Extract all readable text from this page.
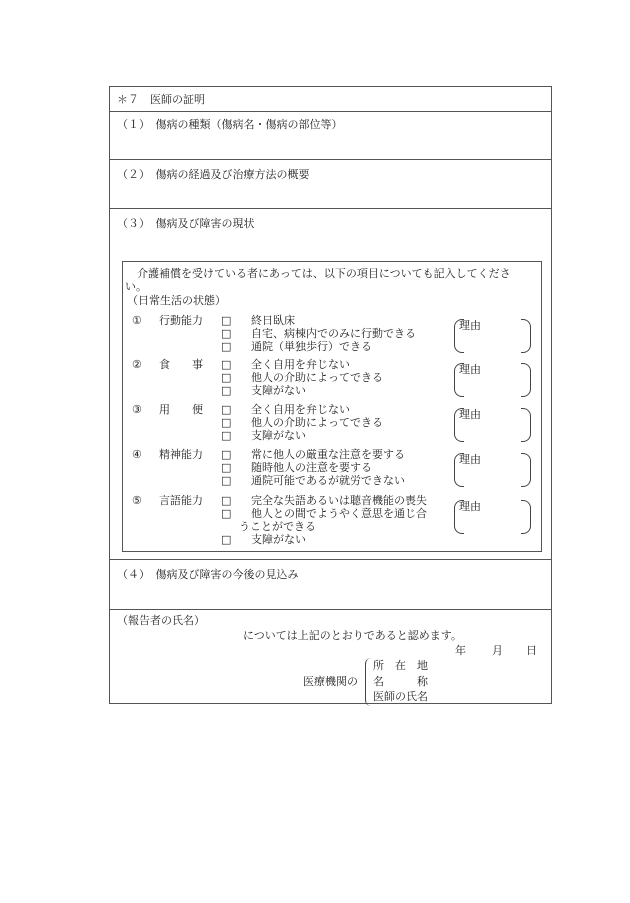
＊７　医師の証明
（１）　傷病の種類（傷病名・傷病の部位等）
（２）　傷病の経過及び治療方法の概要
（３）　傷病及び障害の現状
介護補償を受けている者にあっては、以下の項目についても記入してくださ
い。
（日常生活の状態）
① 行動能力 □ 終日臥床
□ 自宅、病棟内でのみに行動できる
□ 通院（単独歩行）できる
理由
② 食　　事 □ 全く自用を弁じない
□ 他人の介助によってできる
□ 支障がない
理由
③ 用　　便 □ 全く自用を弁じない
□ 他人の介助によってできる
□ 支障がない
理由
④ 精神能力 □ 常に他人の厳重な注意を要する
□ 随時他人の注意を要する
□ 通院可能であるが就労できない
理由
⑤ 言語能力 □ 完全な失語あるいは聴音機能の喪失
□ 他人との間でようやく意思を通じ合
うことができる
□ 支障がない
理由
（４）　傷病及び障害の今後の見込み
（報告者の氏名）
については上記のとおりであると認めます。
年 月 日
医療機関の
所　在　地
名　　　称
医師の氏名
